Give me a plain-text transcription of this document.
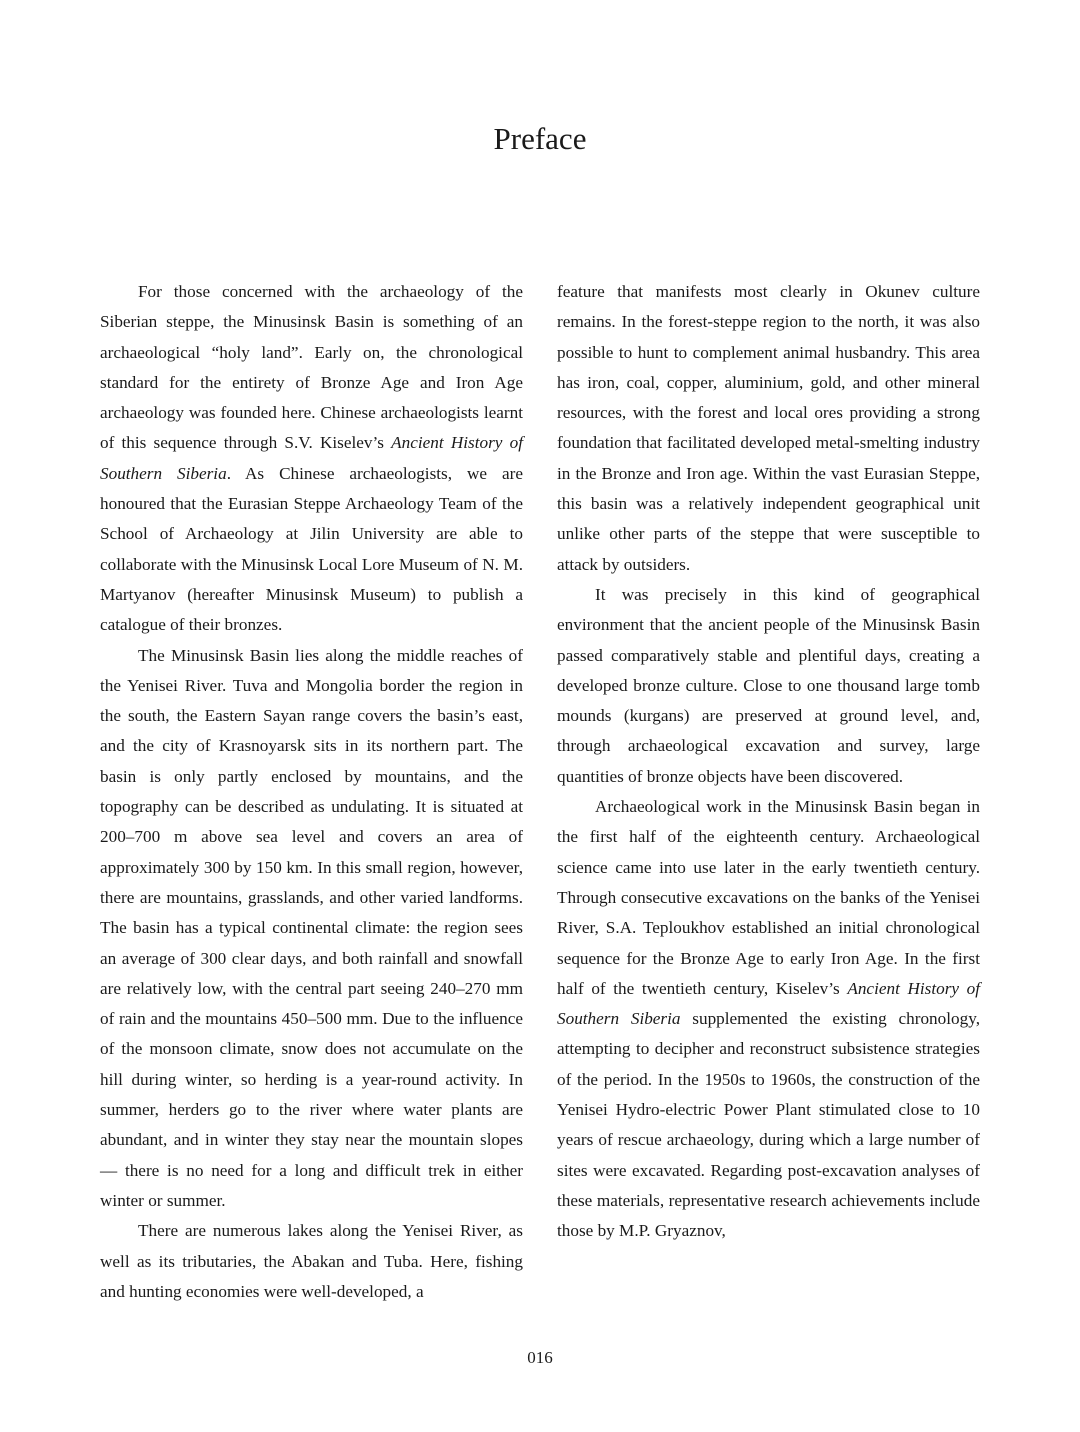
Preface

For those concerned with the archaeology of the Siberian steppe, the Minusinsk Basin is something of an archaeological “holy land”. Early on, the chronological standard for the entirety of Bronze Age and Iron Age archaeology was founded here. Chinese archaeologists learnt of this sequence through S.V. Kiselev’s Ancient History of Southern Siberia. As Chinese archaeologists, we are honoured that the Eurasian Steppe Archaeology Team of the School of Archaeology at Jilin University are able to collaborate with the Minusinsk Local Lore Museum of N. M. Martyanov (hereafter Minusinsk Museum) to publish a catalogue of their bronzes.

The Minusinsk Basin lies along the middle reaches of the Yenisei River. Tuva and Mongolia border the region in the south, the Eastern Sayan range covers the basin’s east, and the city of Krasnoyarsk sits in its northern part. The basin is only partly enclosed by mountains, and the topography can be described as undulating. It is situated at 200–700 m above sea level and covers an area of approximately 300 by 150 km. In this small region, however, there are mountains, grasslands, and other varied landforms. The basin has a typical continental climate: the region sees an average of 300 clear days, and both rainfall and snowfall are relatively low, with the central part seeing 240–270 mm of rain and the mountains 450–500 mm. Due to the influence of the monsoon climate, snow does not accumulate on the hill during winter, so herding is a year-round activity. In summer, herders go to the river where water plants are abundant, and in winter they stay near the mountain slopes — there is no need for a long and difficult trek in either winter or summer.

There are numerous lakes along the Yenisei River, as well as its tributaries, the Abakan and Tuba. Here, fishing and hunting economies were well-developed, a

feature that manifests most clearly in Okunev culture remains. In the forest-steppe region to the north, it was also possible to hunt to complement animal husbandry. This area has iron, coal, copper, aluminium, gold, and other mineral resources, with the forest and local ores providing a strong foundation that facilitated developed metal-smelting industry in the Bronze and Iron age. Within the vast Eurasian Steppe, this basin was a relatively independent geographical unit unlike other parts of the steppe that were susceptible to attack by outsiders.

It was precisely in this kind of geographical environment that the ancient people of the Minusinsk Basin passed comparatively stable and plentiful days, creating a developed bronze culture. Close to one thousand large tomb mounds (kurgans) are preserved at ground level, and, through archaeological excavation and survey, large quantities of bronze objects have been discovered.

Archaeological work in the Minusinsk Basin began in the first half of the eighteenth century. Archaeological science came into use later in the early twentieth century. Through consecutive excavations on the banks of the Yenisei River, S.A. Teploukhov established an initial chronological sequence for the Bronze Age to early Iron Age. In the first half of the twentieth century, Kiselev’s Ancient History of Southern Siberia supplemented the existing chronology, attempting to decipher and reconstruct subsistence strategies of the period. In the 1950s to 1960s, the construction of the Yenisei Hydro-electric Power Plant stimulated close to 10 years of rescue archaeology, during which a large number of sites were excavated. Regarding post-excavation analyses of these materials, representative research achievements include those by M.P. Gryaznov,

016
